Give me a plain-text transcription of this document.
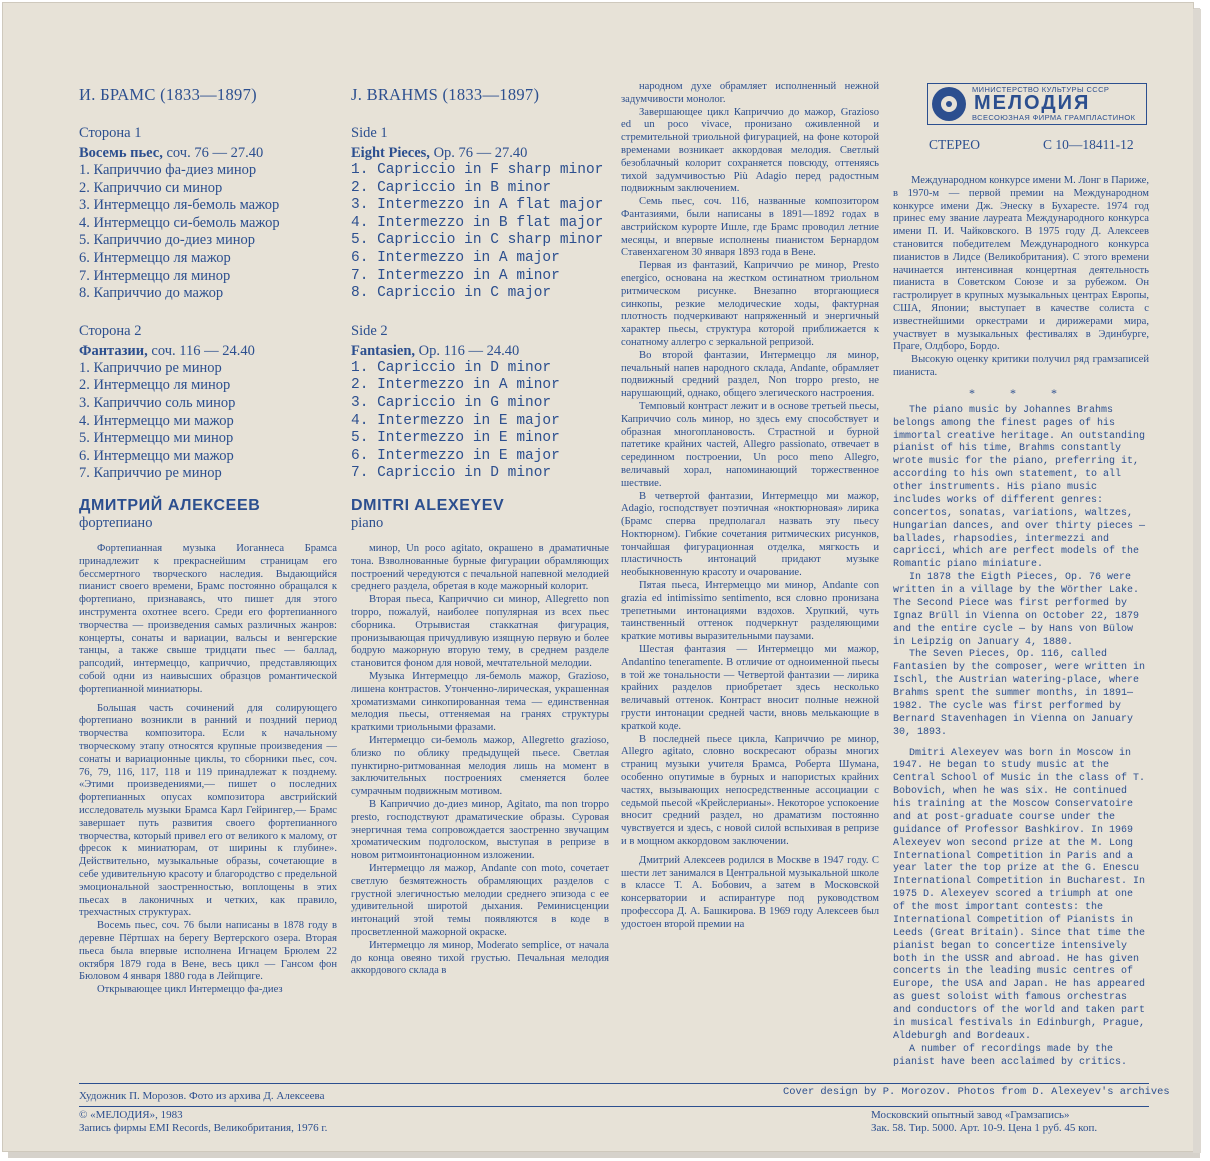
И. БРАМС (1833—1897)
Сторона 1
Восемь пьес, соч. 76 — 27.40
1. Каприччио фа-диез минор
2. Каприччио си минор
3. Интермеццо ля-бемоль мажор
4. Интермеццо си-бемоль мажор
5. Каприччио до-диез минор
6. Интермеццо ля мажор
7. Интермеццо ля минор
8. Каприччио до мажор
Сторона 2
Фантазии, соч. 116 — 24.40
1. Каприччио ре минор
2. Интермеццо ля минор
3. Каприччио соль минор
4. Интермеццо ми мажор
5. Интермеццо ми минор
6. Интермеццо ми мажор
7. Каприччио ре минор
ДМИТРИЙ АЛЕКСЕЕВ
фортепиано
J. BRAHMS (1833—1897)
Side 1
Eight Pieces, Op. 76 — 27.40
1. Capriccio in F sharp minor
2. Capriccio in B minor
3. Intermezzo in A flat major
4. Intermezzo in B flat major
5. Capriccio in C sharp minor
6. Intermezzo in A major
7. Intermezzo in A minor
8. Capriccio in C major
Side 2
Fantasien, Op. 116 — 24.40
1. Capriccio in D minor
2. Intermezzo in A minor
3. Capriccio in G minor
4. Intermezzo in E major
5. Intermezzo in E minor
6. Intermezzo in E major
7. Capriccio in D minor
DMITRI ALEXEYEV
piano

Фортепианная музыка Иоганнеса Брамса принадлежит к прекраснейшим страницам его бессмертного творческого наследия. Выдающийся пианист своего времени, Брамс постоянно обращался к фортепиано, признаваясь, что пишет для этого инструмента охотнее всего. Среди его фортепианного творчества — произведения самых различных жанров: концерты, сонаты и вариации, вальсы и венгерские танцы, а также свыше тридцати пьес — баллад, рапсодий, интермеццо, каприччио, представляющих собой одни из наивысших образцов романтической фортепианной миниатюры.

Большая часть сочинений для солирующего фортепиано возникли в ранний и поздний период творчества композитора. Если к начальному творческому этапу относятся крупные произведения — сонаты и вариационные циклы, то сборники пьес, соч. 76, 79, 116, 117, 118 и 119 принадлежат к позднему. «Этими произведениями,— пишет о последних фортепианных опусах композитора австрийский исследователь музыки Брамса Карл Гейрингер,— Брамс завершает путь развития своего фортепианного творчества, который привел его от великого к малому, от фресок к миниатюрам, от ширины к глубине». Действительно, музыкальные образы, сочетающие в себе удивительную красоту и благородство с предельной эмоциональной заостренностью, воплощены в этих пьесах в лаконичных и четких, как правило, трехчастных структурах.

Восемь пьес, соч. 76 были написаны в 1878 году в деревне Пёртшах на берегу Вертерского озера. Вторая пьеса была впервые исполнена Игнацем Брюлем 22 октября 1879 года в Вене, весь цикл — Гансом фон Бюловом 4 января 1880 года в Лейпциге.

Открывающее цикл Интермеццо фа-диез

минор, Un poco agitato, окрашено в драматичные тона. Взволнованные бурные фигурации обрамляющих построений чередуются с печальной напевной мелодией среднего раздела, обретая в коде мажорный колорит.

Вторая пьеса, Каприччио си минор, Allegretto non troppo, пожалуй, наиболее популярная из всех пьес сборника. Отрывистая стаккатная фигурация, пронизывающая причудливую изящную первую и более бодрую мажорную вторую тему, в среднем разделе становится фоном для новой, мечтательной мелодии.

Музыка Интермеццо ля-бемоль мажор, Grazioso, лишена контрастов. Утонченно-лирическая, украшенная хроматизмами синкопированная тема — единственная мелодия пьесы, оттеняемая на гранях структуры краткими триольными фразами.

Интермеццо си-бемоль мажор, Allegretto grazioso, близко по облику предыдущей пьесе. Светлая пунктирно-ритмованная мелодия лишь на момент в заключительных построениях сменяется более сумрачным подвижным мотивом.

В Каприччио до-диез минор, Agitato, ma non troppo presto, господствуют драматические образы. Суровая энергичная тема сопровождается заостренно звучащим хроматическим подголоском, выступая в репризе в новом ритмоинтонационном изложении.

Интермеццо ля мажор, Andante con moto, сочетает светлую безмятежность обрамляющих разделов с грустной элегичностью мелодии среднего эпизода с ее удивительной широтой дыхания. Реминисценции интонаций этой темы появляются в коде в просветленной мажорной окраске.

Интермеццо ля минор, Moderato semplice, от начала до конца овеяно тихой грустью. Печальная мелодия аккордового склада в

народном духе обрамляет исполненный нежной задумчивости монолог.

Завершающее цикл Каприччио до мажор, Grazioso ed un poco vivace, пронизано оживленной и стремительной триольной фигурацией, на фоне которой временами возникает аккордовая мелодия. Светлый безоблачный колорит сохраняется повсюду, оттеняясь тихой задумчивостью Più Adagio перед радостным подвижным заключением.

Семь пьес, соч. 116, названные композитором Фантазиями, были написаны в 1891—1892 годах в австрийском курорте Ишле, где Брамс проводил летние месяцы, и впервые исполнены пианистом Бернардом Ставенхагеном 30 января 1893 года в Вене.

Первая из фантазий, Каприччио ре минор, Presto energico, основана на жестком остинатном триольном ритмическом рисунке. Внезапно вторгающиеся синкопы, резкие мелодические ходы, фактурная плотность подчеркивают напряженный и энергичный характер пьесы, структура которой приближается к сонатному аллегро с зеркальной репризой.

Во второй фантазии, Интермеццо ля минор, печальный напев народного склада, Andante, обрамляет подвижный средний раздел, Non troppo presto, не нарушающий, однако, общего элегического настроения.

Темповый контраст лежит и в основе третьей пьесы, Каприччио соль минор, но здесь ему способствует и образная многоплановость. Страстной и бурной патетике крайних частей, Allegro passionato, отвечает в серединном построении, Un poco meno Allegro, величавый хорал, напоминающий торжественное шествие.

В четвертой фантазии, Интермеццо ми мажор, Adagio, господствует поэтичная «ноктюрновая» лирика (Брамс сперва предполагал назвать эту пьесу Ноктюрном). Гибкие сочетания ритмических рисунков, тончайшая фигурационная отделка, мягкость и пластичность интонаций придают музыке необыкновенную красоту и очарование.

Пятая пьеса, Интермеццо ми минор, Andante con grazia ed intimissimo sentimento, вся словно пронизана трепетными интонациями вздохов. Хрупкий, чуть таинственный оттенок подчеркнут разделяющими краткие мотивы выразительными паузами.

Шестая фантазия — Интермеццо ми мажор, Andantino teneramente. В отличие от одноименной пьесы в той же тональности — Четвертой фантазии — лирика крайних разделов приобретает здесь несколько величавый оттенок. Контраст вносит полные нежной грусти интонации средней части, вновь мелькающие в краткой коде.

В последней пьесе цикла, Каприччио ре минор, Allegro agitato, словно воскресают образы многих страниц музыки учителя Брамса, Роберта Шумана, особенно опутимые в бурных и напористых крайних частях, вызывающих непосредственные ассоциации с седьмой пьесой «Крейслерианы». Некоторое успокоение вносит средний раздел, но драматизм постоянно чувствуется и здесь, с новой силой вспыхивая в репризе и в мощном аккордовом заключении.

Дмитрий Алексеев родился в Москве в 1947 году. С шести лет занимался в Центральной музыкальной школе в классе Т. А. Бобович, а затем в Московской консерватории и аспирантуре под руководством профессора Д. А. Башкирова. В 1969 году Алексеев был удостоен второй премии на

МИНИСТЕРСТВО КУЛЬТУРЫ СССР
МЕЛОДИЯ
ВСЕСОЮЗНАЯ ФИРМА ГРАМПЛАСТИНОК
СТЕРЕО	С 10—18411-12

Международном конкурсе имени М. Лонг в Париже, в 1970-м — первой премии на Международном конкурсе имени Дж. Энеску в Бухаресте. 1974 год принес ему звание лауреата Международного конкурса имени П. И. Чайковского. В 1975 году Д. Алексеев становится победителем Международного конкурса пианистов в Лидсе (Великобритания). С этого времени начинается интенсивная концертная деятельность пианиста в Советском Союзе и за рубежом. Он гастролирует в крупных музыкальных центрах Европы, США, Японии; выступает в качестве солиста с известнейшими оркестрами и дирижерами мира, участвует в музыкальных фестивалях в Эдинбурге, Праге, Олдборо, Бордо.

Высокую оценку критики получил ряд грамзаписей пианиста.

* * *

The piano music by Johannes Brahms belongs among the finest pages of his immortal creative heritage. An outstanding pianist of his time, Brahms constantly wrote music for the piano, preferring it, according to his own statement, to all other instruments. His piano music includes works of different genres: concertos, sonatas, variations, waltzes, Hungarian dances, and over thirty pieces — ballades, rhapsodies, intermezzi and capricci, which are perfect models of the Romantic piano miniature.

In 1878 the Eigth Pieces, Op. 76 were written in a village by the Wörther Lake. The Second Piece was first performed by Ignaz Brüll in Vienna on October 22, 1879 and the entire cycle — by Hans von Bülow in Leipzig on January 4, 1880.

The Seven Pieces, Op. 116, called Fantasien by the composer, were written in Ischl, the Austrian watering-place, where Brahms spent the summer months, in 1891—1982. The cycle was first performed by Bernard Stavenhagen in Vienna on January 30, 1893.

Dmitri Alexeyev was born in Moscow in 1947. He began to study music at the Central School of Music in the class of T. Bobovich, when he was six. He continued his training at the Moscow Conservatoire and at post-graduate course under the guidance of Professor Bashkirov. In 1969 Alexeyev won second prize at the M. Long International Competition in Paris and a year later the top prize at the G. Enescu International Competition in Bucharest. In 1975 D. Alexeyev scored a triumph at one of the most important contests: the International Competition of Pianists in Leeds (Great Britain). Since that time the pianist began to concertize intensively both in the USSR and abroad. He has given concerts in the leading music centres of Europe, the USA and Japan. He has appeared as guest soloist with famous orchestras and conductors of the world and taken part in musical festivals in Edinburgh, Prague, Aldeburgh and Bordeaux.

A number of recordings made by the pianist have been acclaimed by critics.

Художник П. Морозов. Фото из архива Д. Алексеева	Cover design by P. Morozov. Photos from D. Alexeyev's archives
© «МЕЛОДИЯ», 1983
Запись фирмы EMI Records, Великобритания, 1976 г.
Московский опытный завод «Грамзапись»
Зак. 58. Тир. 5000. Арт. 10-9. Цена 1 руб. 45 коп.
